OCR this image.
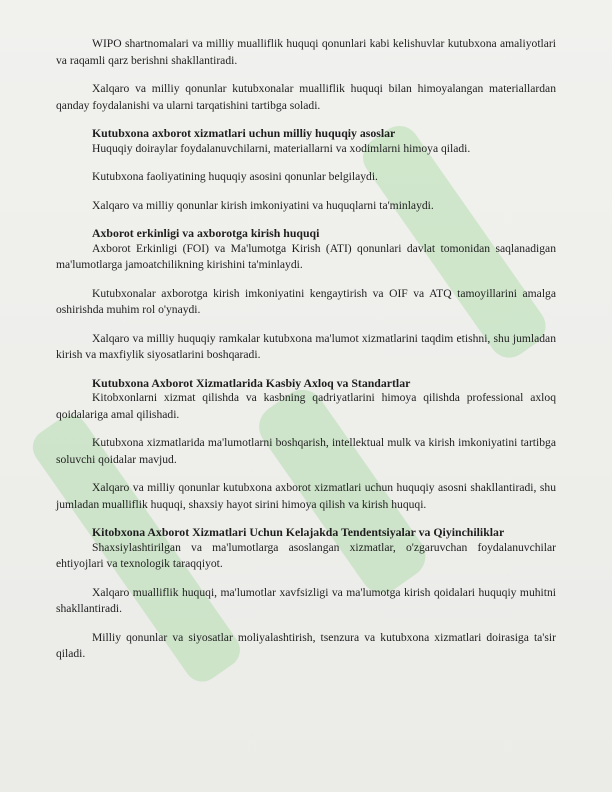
WIPO shartnomalari va milliy mualliflik huquqi qonunlari kabi kelishuvlar kutubxona amaliyotlari va raqamli qarz berishni shakllantiradi.

Xalqaro va milliy qonunlar kutubxonalar mualliflik huquqi bilan himoyalangan materiallardan qanday foydalanishi va ularni tarqatishini tartibga soladi.

Kutubxona axborot xizmatlari uchun milliy huquqiy asoslar

Huquqiy doiraylar foydalanuvchilarni, materiallarni va xodimlarni himoya qiladi.

Kutubxona faoliyatining huquqiy asosini qonunlar belgilaydi.

Xalqaro va milliy qonunlar kirish imkoniyatini va huquqlarni ta'minlaydi.

Axborot erkinligi va axborotga kirish huquqi

Axborot Erkinligi (FOI) va Ma'lumotga Kirish (ATI) qonunlari davlat tomonidan saqlanadigan ma'lumotlarga jamoatchilikning kirishini ta'minlaydi.

Kutubxonalar axborotga kirish imkoniyatini kengaytirish va OIF va ATQ tamoyillarini amalga oshirishda muhim rol o'ynaydi.

Xalqaro va milliy huquqiy ramkalar kutubxona ma'lumot xizmatlarini taqdim etishni, shu jumladan kirish va maxfiylik siyosatlarini boshqaradi.

Kutubxona Axborot Xizmatlarida Kasbiy Axloq va Standartlar

Kitobxonlarni xizmat qilishda va kasbning qadriyatlarini himoya qilishda professional axloq qoidalariga amal qilishadi.

Kutubxona xizmatlarida ma'lumotlarni boshqarish, intellektual mulk va kirish imkoniyatini tartibga soluvchi qoidalar mavjud.

Xalqaro va milliy qonunlar kutubxona axborot xizmatlari uchun huquqiy asosni shakllantiradi, shu jumladan mualliflik huquqi, shaxsiy hayot sirini himoya qilish va kirish huquqi.

Kitobxona Axborot Xizmatlari Uchun Kelajakda Tendentsiyalar va Qiyinchiliklar

Shaxsiylashtirilgan va ma'lumotlarga asoslangan xizmatlar, o'zgaruvchan foydalanuvchilar ehtiyojlari va texnologik taraqqiyot.

Xalqaro mualliflik huquqi, ma'lumotlar xavfsizligi va ma'lumotga kirish qoidalari huquqiy muhitni shakllantiradi.

Milliy qonunlar va siyosatlar moliyalashtirish, tsenzura va kutubxona xizmatlari doirasiga ta'sir qiladi.
